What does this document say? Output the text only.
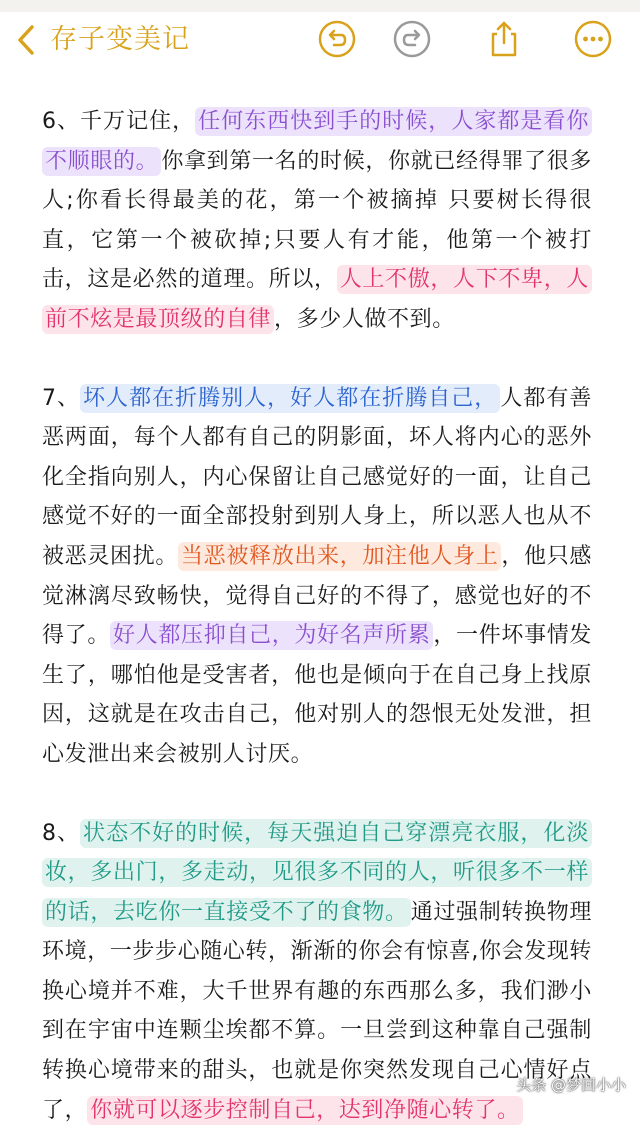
存子变美记

6、千万记住， 任何东西快到手的时候，人家都是看你不顺眼的。 你拿到第一名的时候，你就已经得罪了很多人;你看长得最美的花，第一个被摘掉 只要树长得很直，它第一个被砍掉;只要人有才能，他第一个被打击，这是必然的道理。所以， 人上不傲，人下不卑，人前不炫是最顶级的自律 ，多少人做不到。

7、 坏人都在折腾别人，好人都在折腾自己， 人都有善恶两面，每个人都有自己的阴影面，坏人将内心的恶外化全指向别人，内心保留让自己感觉好的一面，让自己感觉不好的一面全部投射到别人身上，所以恶人也从不被恶灵困扰。 当恶被释放出来，加注他人身上 ，他只感觉淋漓尽致畅快，觉得自己好的不得了，感觉也好的不得了。 好人都压抑自己，为好名声所累 ，一件坏事情发生了，哪怕他是受害者，他也是倾向于在自己身上找原因，这就是在攻击自己，他对别人的怨恨无处发泄，担心发泄出来会被别人讨厌。

8、 状态不好的时候，每天强迫自己穿漂亮衣服，化淡妆，多出门，多走动，见很多不同的人，听很多不一样的话，去吃你一直接受不了的食物。 通过强制转换物理环境，一步步心随心转，渐渐的你会有惊喜,你会发现转换心境并不难，大千世界有趣的东西那么多，我们渺小到在宇宙中连颗尘埃都不算。一旦尝到这种靠自己强制转换心境带来的甜头，也就是你突然发现自己心情好点了， 你就可以逐步控制自己，达到净随心转了。

头条 @梦回小小
